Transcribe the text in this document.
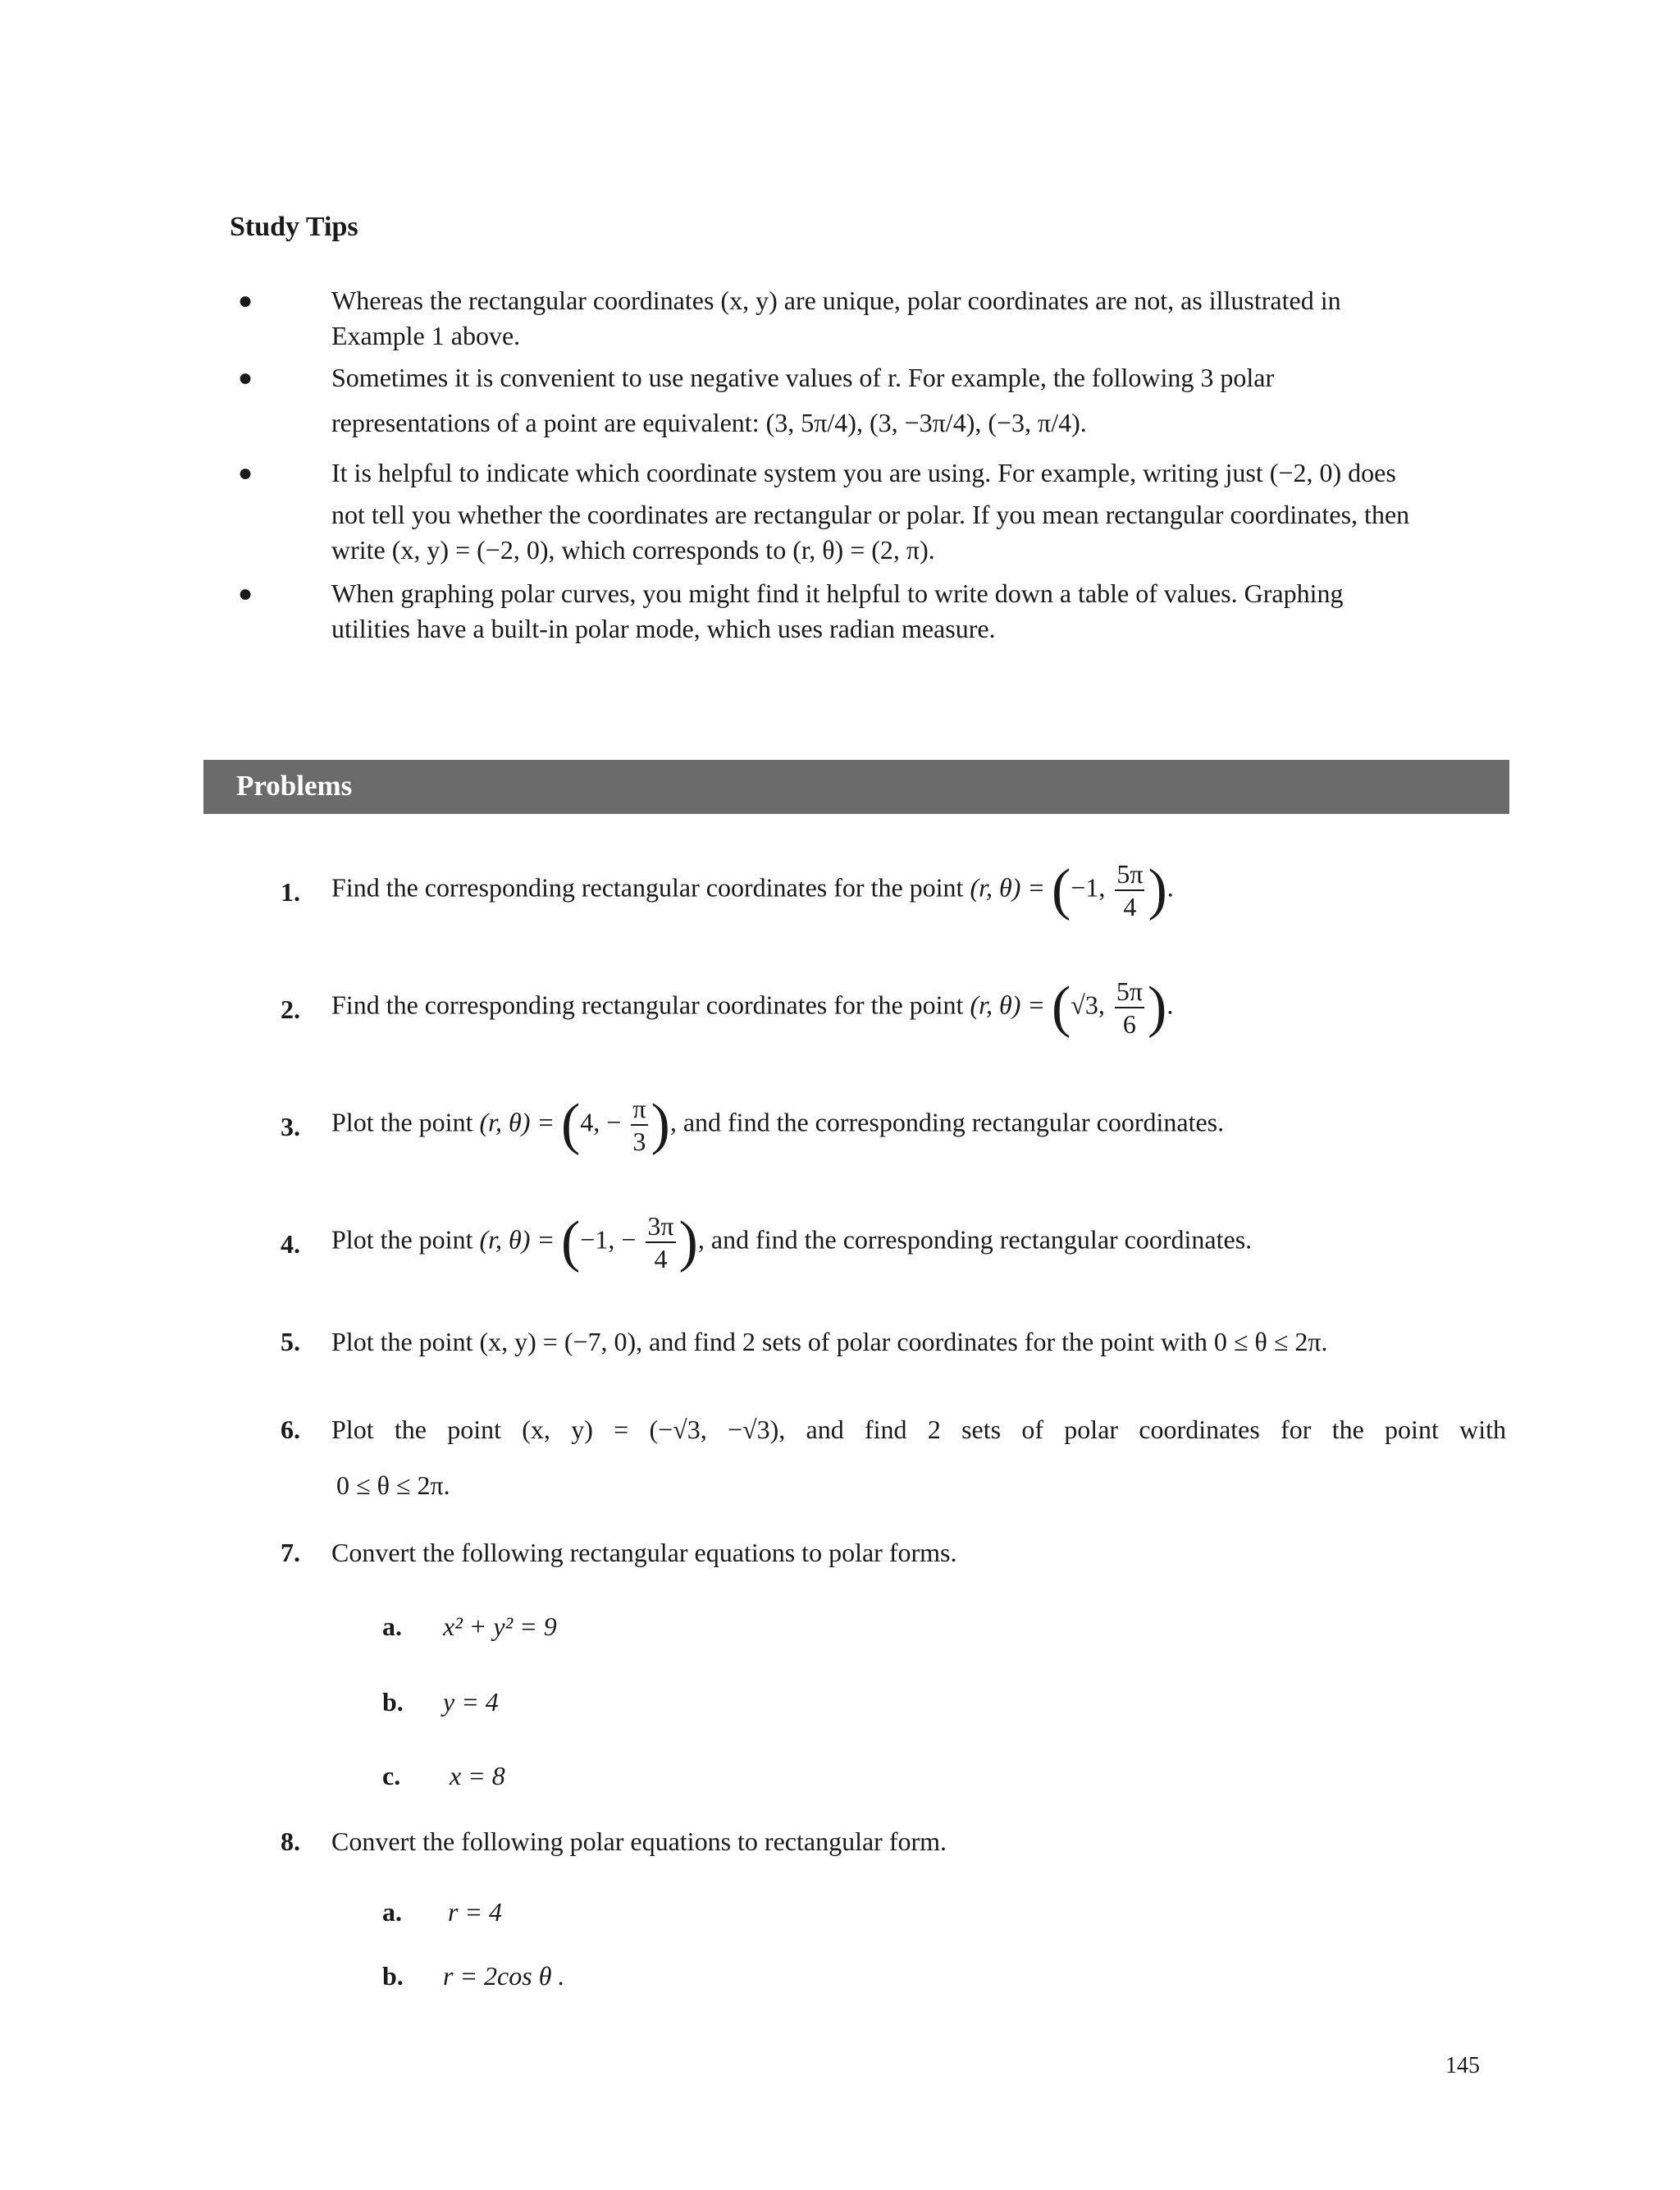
Study Tips
●	Whereas the rectangular coordinates (x, y) are unique, polar coordinates are not, as illustrated in
Example 1 above.
●	Sometimes it is convenient to use negative values of r. For example, the following 3 polar
representations of a point are equivalent: (3, 5π/4), (3, −3π/4), (−3, π/4).
●	It is helpful to indicate which coordinate system you are using. For example, writing just (−2, 0) does
not tell you whether the coordinates are rectangular or polar. If you mean rectangular coordinates, then
write (x, y) = (−2, 0), which corresponds to (r, θ) = (2, π).
●	When graphing polar curves, you might find it helpful to write down a table of values. Graphing
utilities have a built-in polar mode, which uses radian measure.
Problems
1. Find the corresponding rectangular coordinates for the point (r, θ) = (−1, $\frac{5\pi}{4}$ ).
2. Find the corresponding rectangular coordinates for the point (r, θ) = (√3, $\frac{5\pi}{6}$ ).
3. Plot the point (r, θ) = (4, − $\frac{\pi}{3}$ ), and find the corresponding rectangular coordinates.
4. Plot the point (r, θ) = (−1, − $\frac{3\pi}{4}$ ), and find the corresponding rectangular coordinates.
5. Plot the point (x, y) = (−7, 0), and find 2 sets of polar coordinates for the point with 0 ≤ θ ≤ 2π.
6. Plot the point (x, y) = (−√3, −√3), and find 2 sets of polar coordinates for the point with
0 ≤ θ ≤ 2π.
7. Convert the following rectangular equations to polar forms.
a. x² + y² = 9
b. y = 4
c. x = 8
8. Convert the following polar equations to rectangular form.
a. r = 4
b. r = 2cos θ .
145
